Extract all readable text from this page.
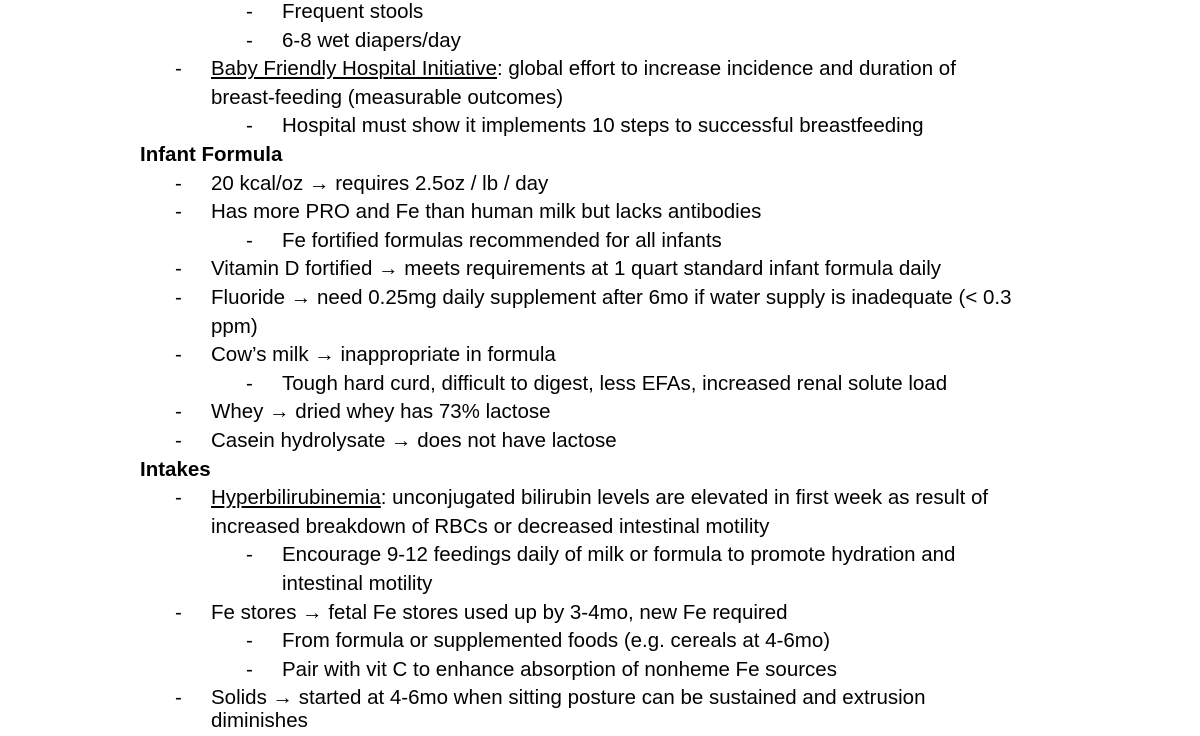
- Frequent stools
- 6-8 wet diapers/day
- Baby Friendly Hospital Initiative: global effort to increase incidence and duration of
breast-feeding (measurable outcomes)
- Hospital must show it implements 10 steps to successful breastfeeding
Infant Formula
- 20 kcal/oz → requires 2.5oz / lb / day
- Has more PRO and Fe than human milk but lacks antibodies
- Fe fortified formulas recommended for all infants
- Vitamin D fortified → meets requirements at 1 quart standard infant formula daily
- Fluoride → need 0.25mg daily supplement after 6mo if water supply is inadequate (< 0.3
ppm)
- Cow’s milk → inappropriate in formula
- Tough hard curd, difficult to digest, less EFAs, increased renal solute load
- Whey → dried whey has 73% lactose
- Casein hydrolysate → does not have lactose
Intakes
- Hyperbilirubinemia: unconjugated bilirubin levels are elevated in first week as result of
increased breakdown of RBCs or decreased intestinal motility
- Encourage 9-12 feedings daily of milk or formula to promote hydration and
intestinal motility
- Fe stores → fetal Fe stores used up by 3-4mo, new Fe required
- From formula or supplemented foods (e.g. cereals at 4-6mo)
- Pair with vit C to enhance absorption of nonheme Fe sources
- Solids → started at 4-6mo when sitting posture can be sustained and extrusion
diminishes
